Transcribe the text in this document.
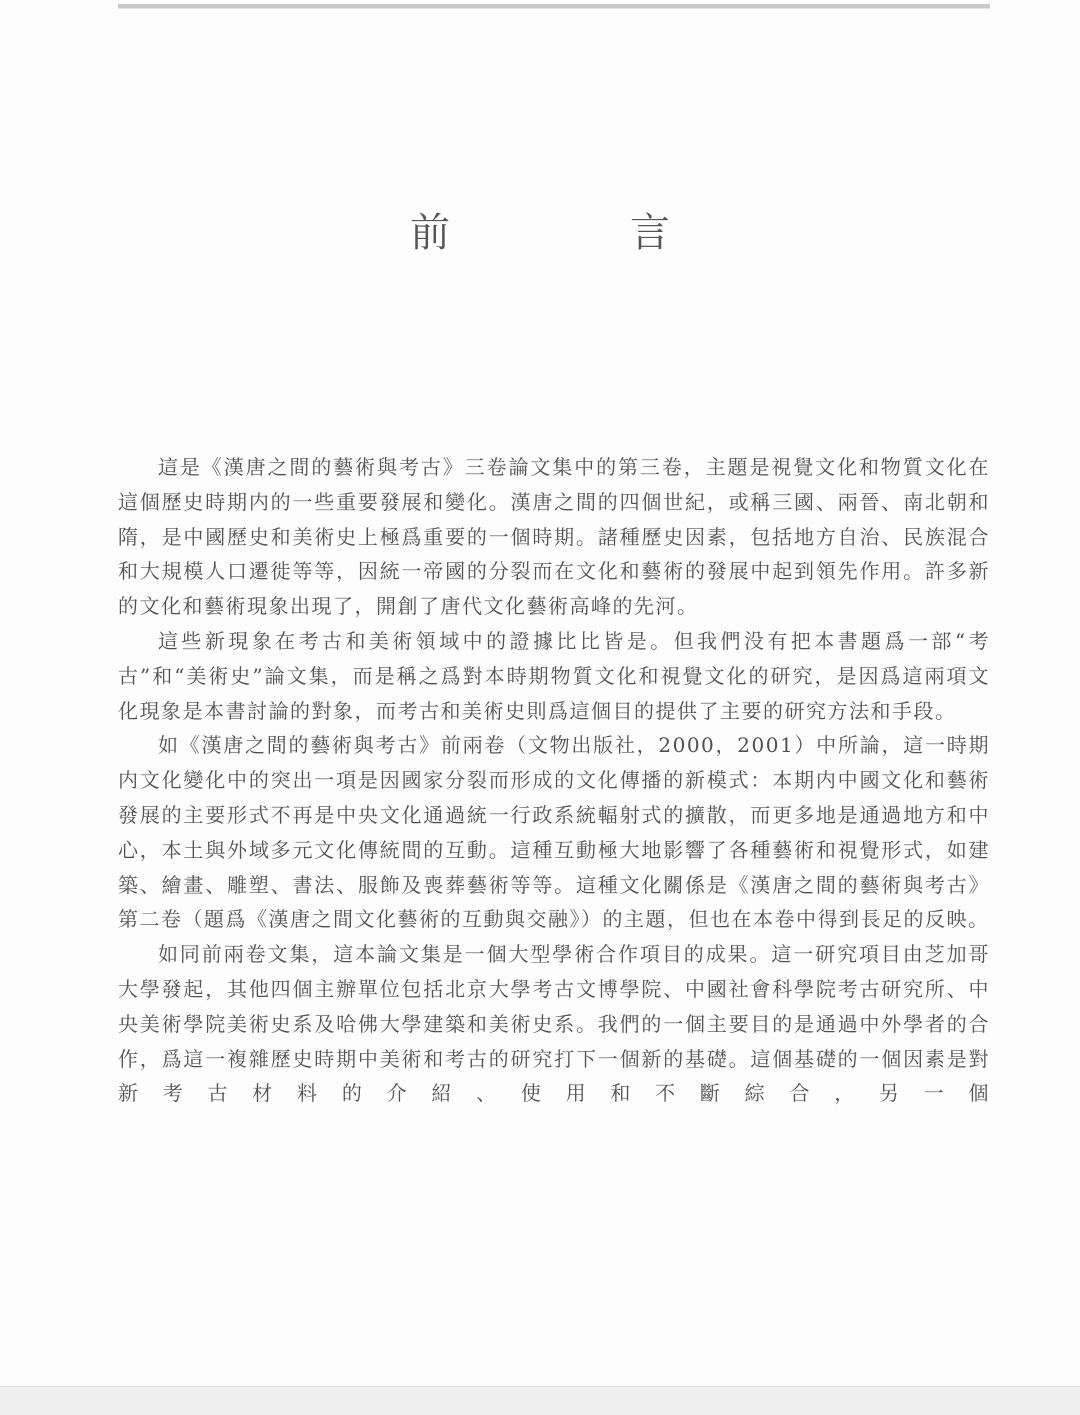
前　言

這是《漢唐之間的藝術與考古》三卷論文集中的第三卷，主題是視覺文化和物質文化在這個歷史時期内的一些重要發展和變化。漢唐之間的四個世紀，或稱三國、兩晉、南北朝和隋，是中國歷史和美術史上極爲重要的一個時期。諸種歷史因素，包括地方自治、民族混合和大規模人口遷徙等等，因統一帝國的分裂而在文化和藝術的發展中起到領先作用。許多新的文化和藝術現象出現了，開創了唐代文化藝術高峰的先河。

這些新現象在考古和美術領域中的證據比比皆是。但我們没有把本書題爲一部“考古”和“美術史”論文集，而是稱之爲對本時期物質文化和視覺文化的研究，是因爲這兩項文化現象是本書討論的對象，而考古和美術史則爲這個目的提供了主要的研究方法和手段。

如《漢唐之間的藝術與考古》前兩卷（文物出版社，2000，2001）中所論，這一時期内文化變化中的突出一項是因國家分裂而形成的文化傳播的新模式：本期内中國文化和藝術發展的主要形式不再是中央文化通過統一行政系統輻射式的擴散，而更多地是通過地方和中心，本土與外域多元文化傳統間的互動。這種互動極大地影響了各種藝術和視覺形式，如建築、繪畫、雕塑、書法、服飾及喪葬藝術等等。這種文化關係是《漢唐之間的藝術與考古》第二卷（題爲《漢唐之間文化藝術的互動與交融》）的主題，但也在本卷中得到長足的反映。

如同前兩卷文集，這本論文集是一個大型學術合作項目的成果。這一研究項目由芝加哥大學發起，其他四個主辦單位包括北京大學考古文博學院、中國社會科學院考古研究所、中央美術學院美術史系及哈佛大學建築和美術史系。我們的一個主要目的是通過中外學者的合作，爲這一複雜歷史時期中美術和考古的研究打下一個新的基礎。這個基礎的一個因素是對新考古材料的介紹、使用和不斷綜合，另一個
